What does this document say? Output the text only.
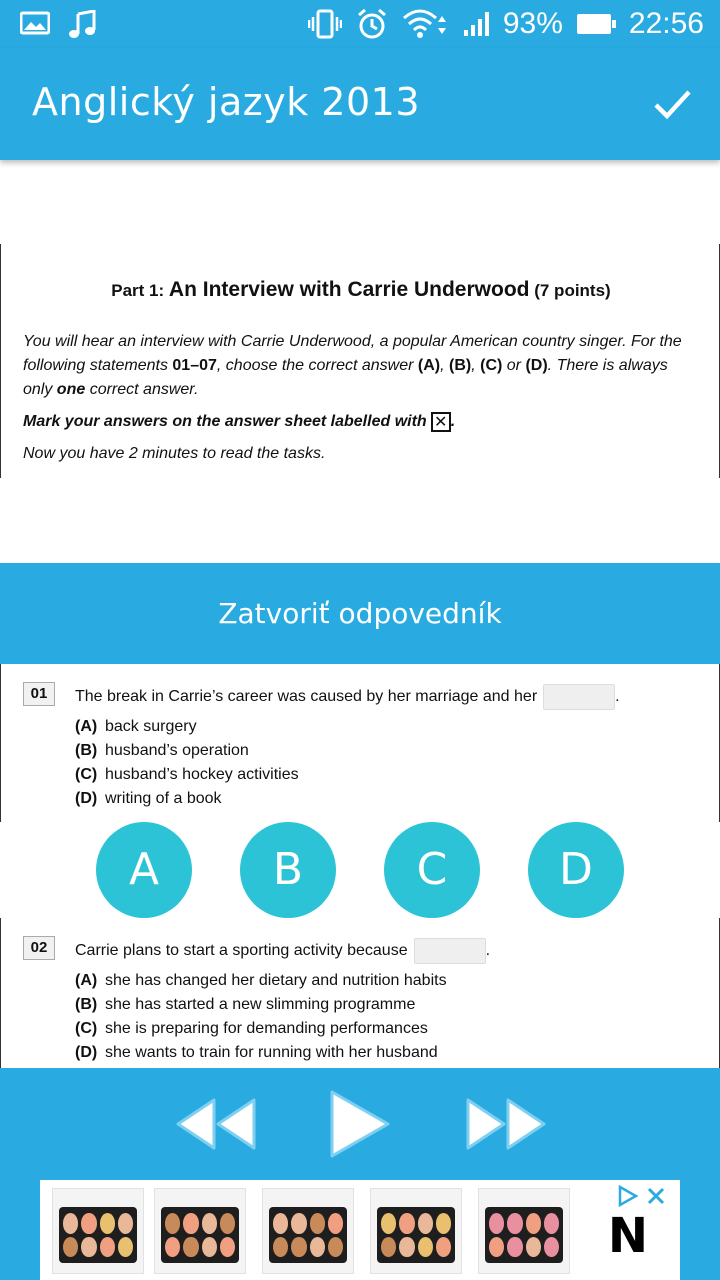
93% 22:56
Anglický jazyk 2013
Part 1: An Interview with Carrie Underwood (7 points)
You will hear an interview with Carrie Underwood, a popular American country singer. For the following statements 01–07, choose the correct answer (A), (B), (C) or (D). There is always only one correct answer.
Mark your answers on the answer sheet labelled with ✕ .
Now you have 2 minutes to read the tasks.
Zatvoriť odpovedník
01	The break in Carrie’s career was caused by her marriage and her	.
(A) back surgery
(B) husband’s operation
(C) husband’s hockey activities
(D) writing of a book
A	B	C	D
02	Carrie plans to start a sporting activity because	.
(A) she has changed her dietary and nutrition habits
(B) she has started a new slimming programme
(C) she is preparing for demanding performances
(D) she wants to train for running with her husband
N
